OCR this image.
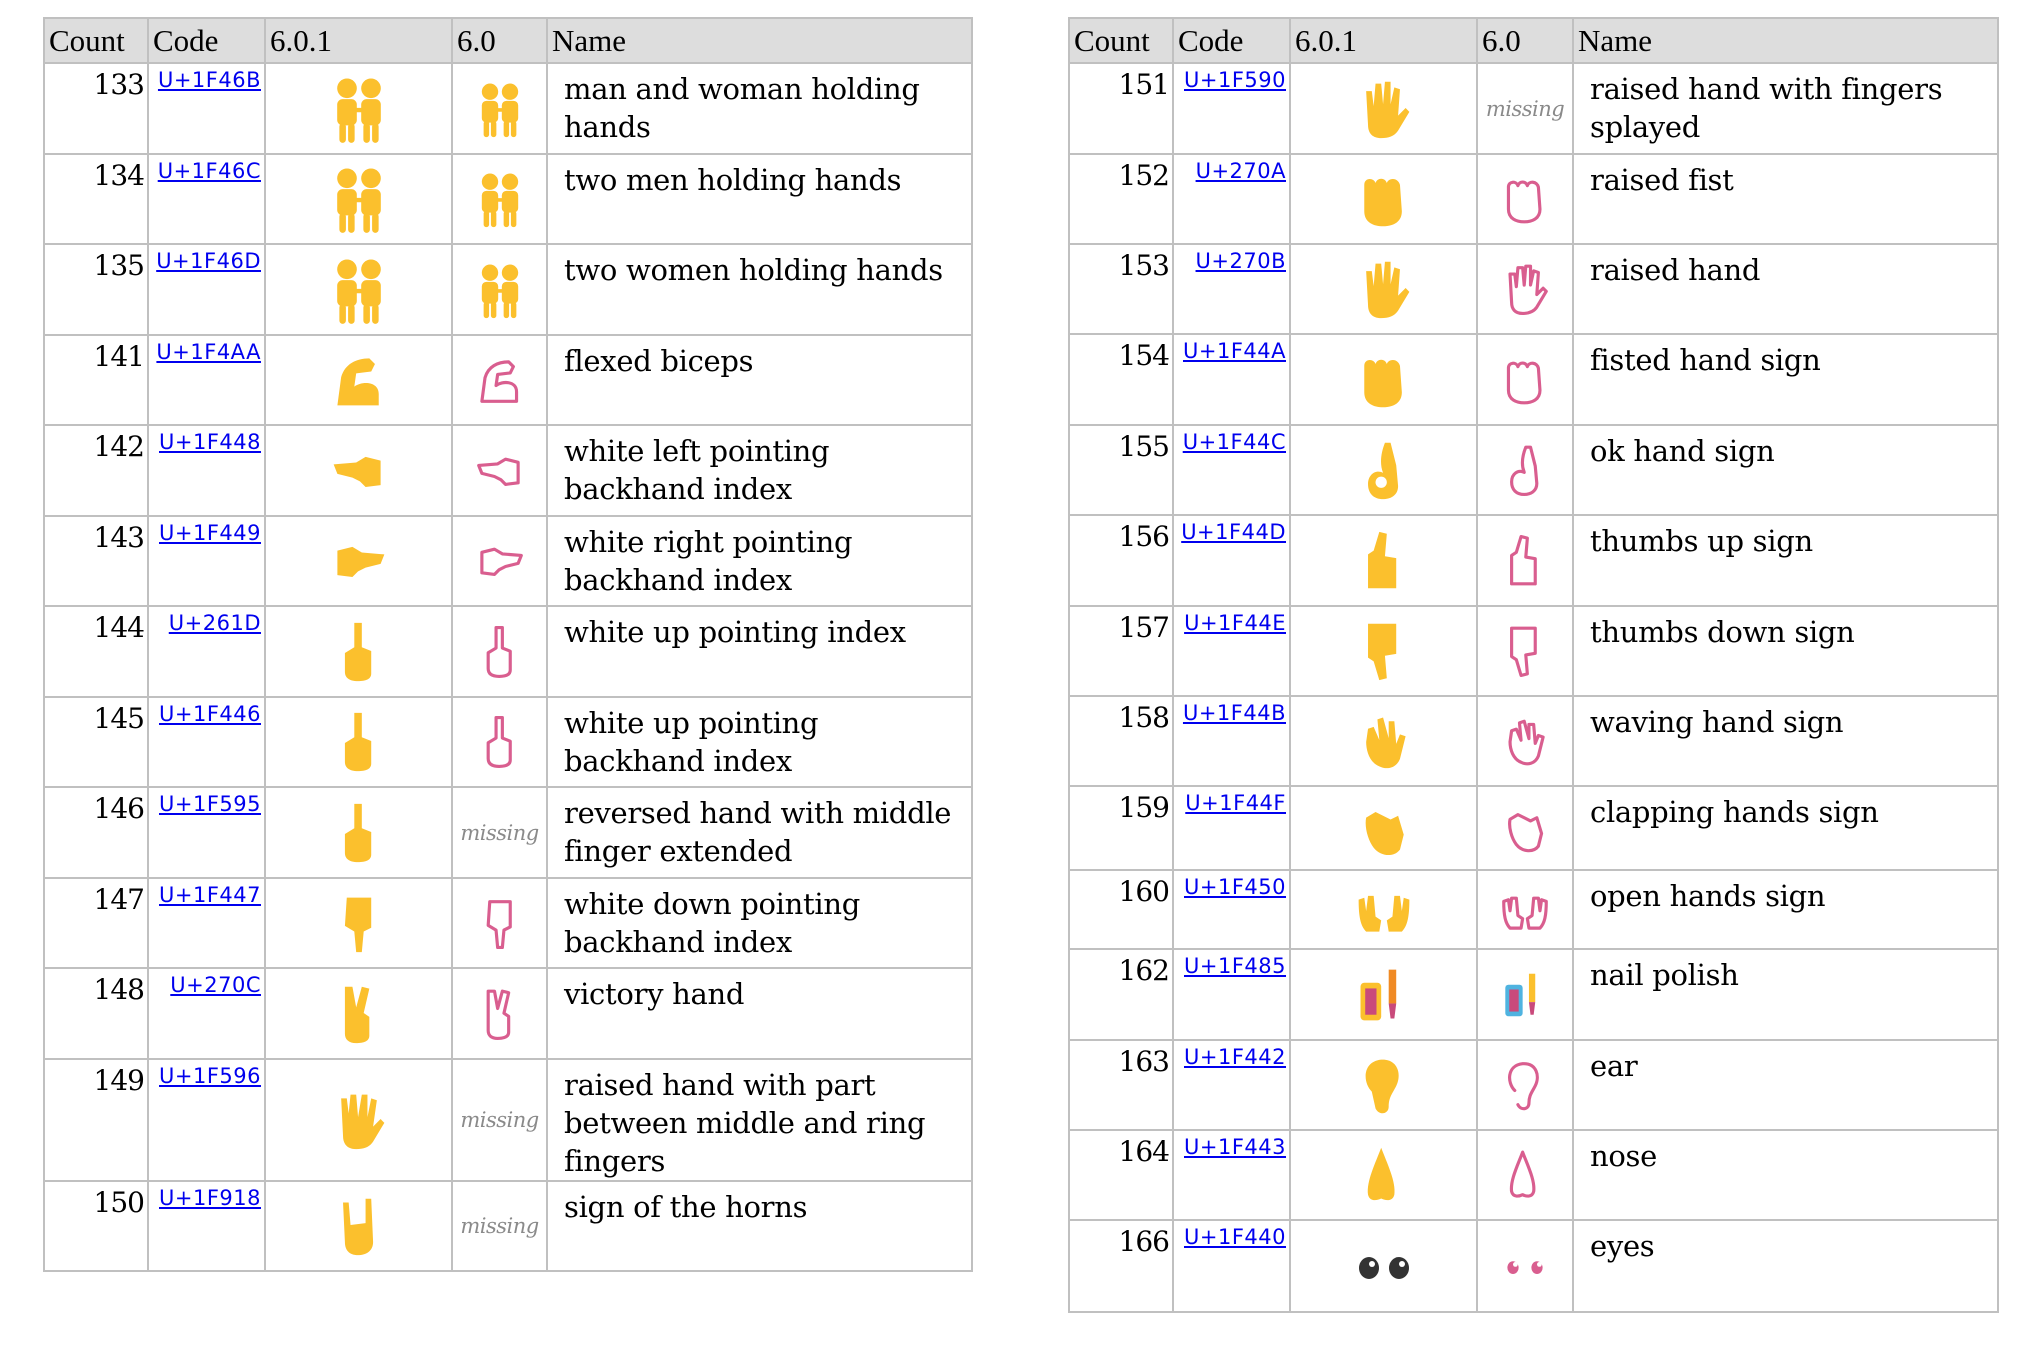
Count	Code	6.0.1	6.0	Name
133	U+1F46B			man and woman holding hands
134	U+1F46C			two men holding hands
135	U+1F46D			two women holding hands
141	U+1F4AA			flexed biceps
142	U+1F448			white left pointing backhand index
143	U+1F449			white right pointing backhand index
144	U+261D			white up pointing index
145	U+1F446			white up pointing backhand index
146	U+1F595		missing	reversed hand with middle finger extended
147	U+1F447			white down pointing backhand index
148	U+270C			victory hand
149	U+1F596		missing	raised hand with part between middle and ring fingers
150	U+1F918		missing	sign of the horns
Count	Code	6.0.1	6.0	Name
151	U+1F590		missing	raised hand with fingers splayed
152	U+270A			raised fist
153	U+270B			raised hand
154	U+1F44A			fisted hand sign
155	U+1F44C			ok hand sign
156	U+1F44D			thumbs up sign
157	U+1F44E			thumbs down sign
158	U+1F44B			waving hand sign
159	U+1F44F			clapping hands sign
160	U+1F450			open hands sign
162	U+1F485			nail polish
163	U+1F442			ear
164	U+1F443			nose
166	U+1F440			eyes
